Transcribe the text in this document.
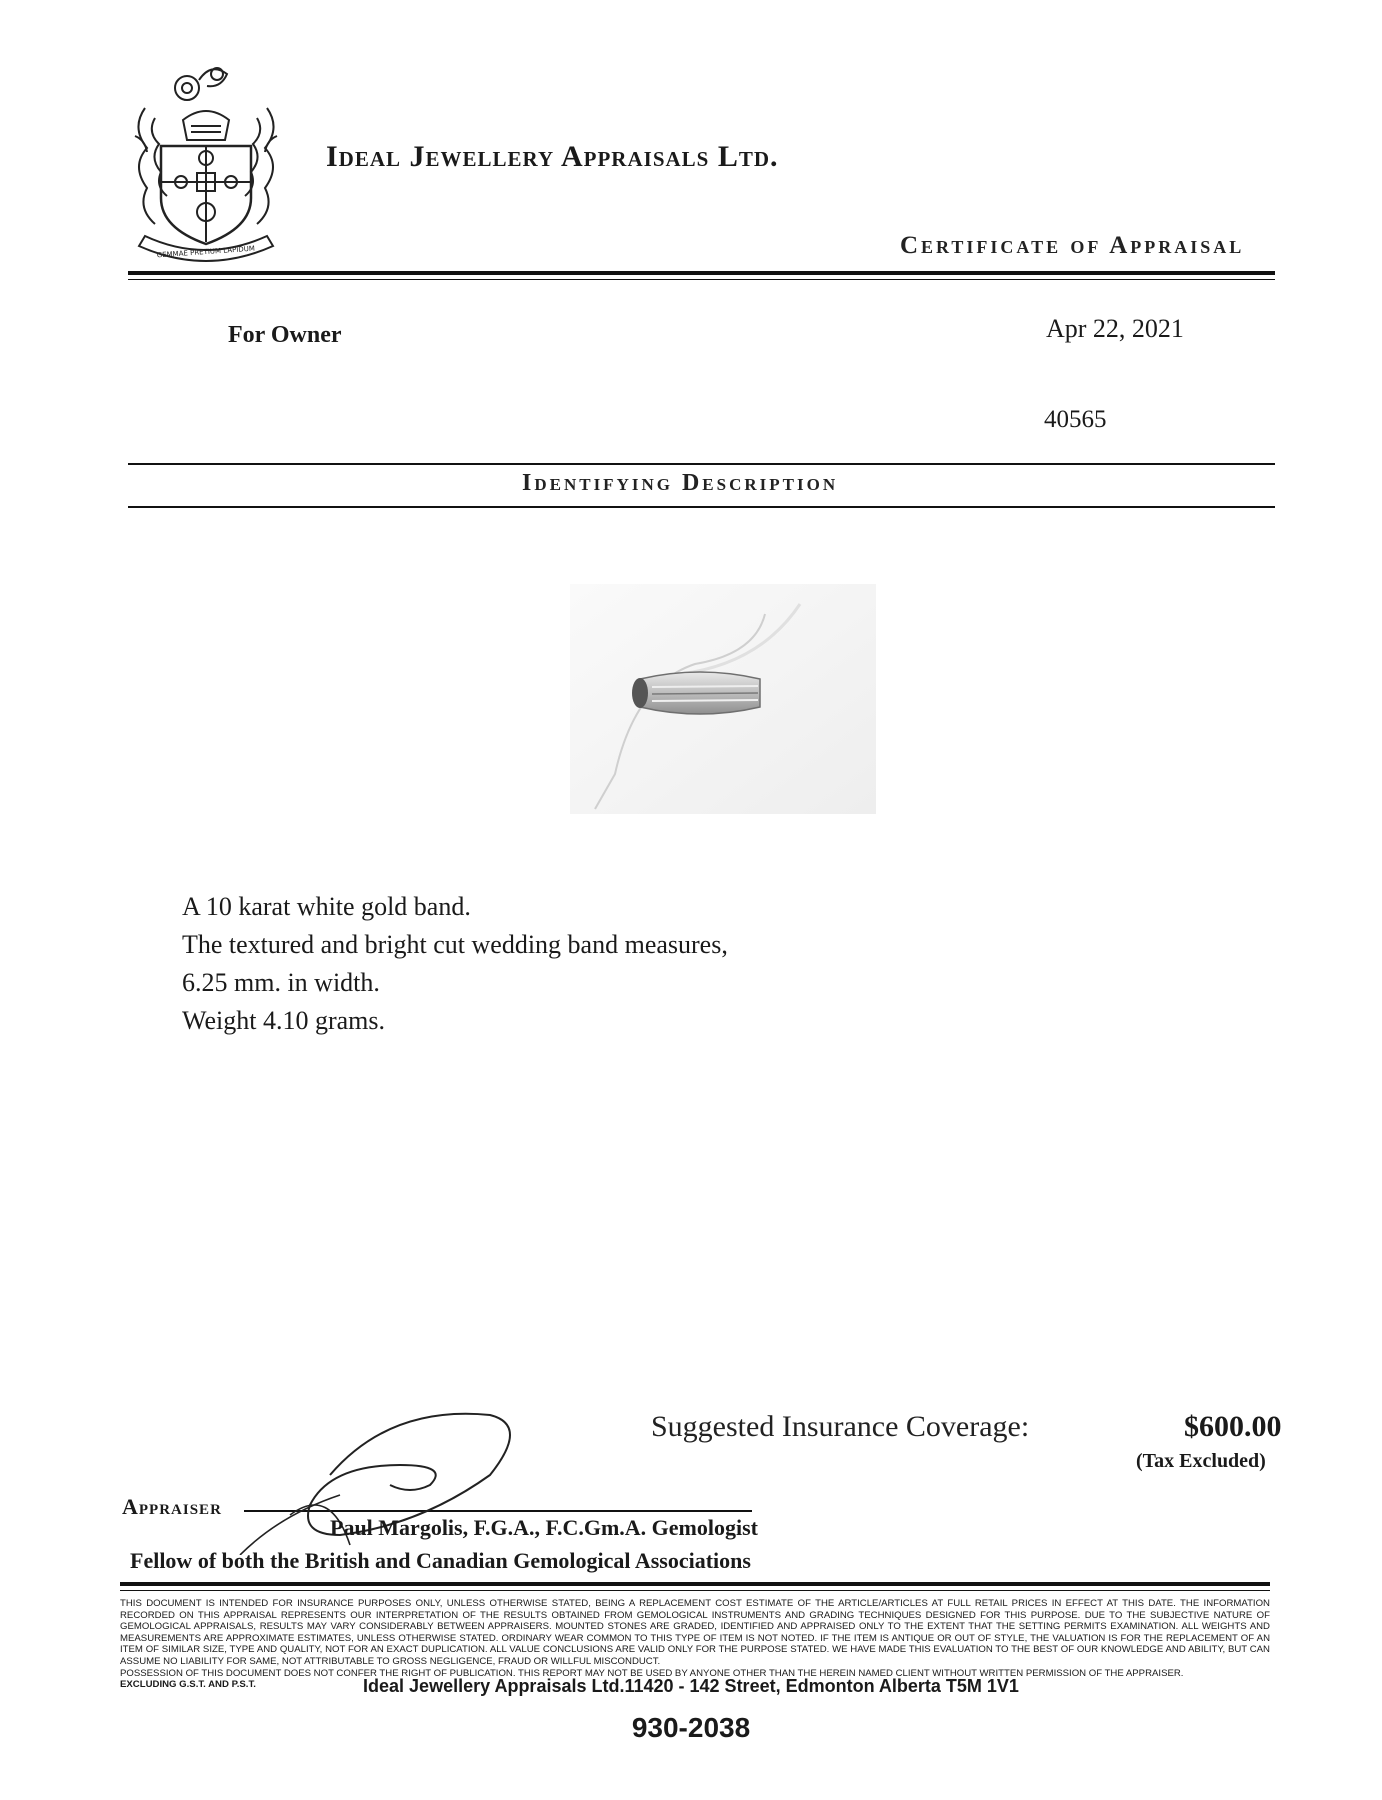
GEMMAE PRETIUM LAPIDUM
Ideal Jewellery Appraisals Ltd.
Certificate of Appraisal
For Owner	Apr 22, 2021
40565
Identifying Description
A 10 karat white gold band.
The textured and bright cut wedding band measures,
6.25 mm. in width.
Weight 4.10 grams.
Suggested Insurance Coverage:	$600.00
(Tax Excluded)
Appraiser
Paul Margolis, F.G.A., F.C.Gm.A. Gemologist
Fellow of both the British and Canadian Gemological Associations

THIS DOCUMENT IS INTENDED FOR INSURANCE PURPOSES ONLY, UNLESS OTHERWISE STATED, BEING A REPLACEMENT COST ESTIMATE OF THE ARTICLE/ARTICLES AT FULL RETAIL PRICES IN EFFECT AT THIS DATE. THE INFORMATION RECORDED ON THIS APPRAISAL REPRESENTS OUR INTERPRETATION OF THE RESULTS OBTAINED FROM GEMOLOGICAL INSTRUMENTS AND GRADING TECHNIQUES DESIGNED FOR THIS PURPOSE. DUE TO THE SUBJECTIVE NATURE OF GEMOLOGICAL APPRAISALS, RESULTS MAY VARY CONSIDERABLY BETWEEN APPRAISERS. MOUNTED STONES ARE GRADED, IDENTIFIED AND APPRAISED ONLY TO THE EXTENT THAT THE SETTING PERMITS EXAMINATION. ALL WEIGHTS AND MEASUREMENTS ARE APPROXIMATE ESTIMATES, UNLESS OTHERWISE STATED. ORDINARY WEAR COMMON TO THIS TYPE OF ITEM IS NOT NOTED. IF THE ITEM IS ANTIQUE OR OUT OF STYLE, THE VALUATION IS FOR THE REPLACEMENT OF AN ITEM OF SIMILAR SIZE, TYPE AND QUALITY, NOT FOR AN EXACT DUPLICATION. ALL VALUE CONCLUSIONS ARE VALID ONLY FOR THE PURPOSE STATED. WE HAVE MADE THIS EVALUATION TO THE BEST OF OUR KNOWLEDGE AND ABILITY, BUT CAN ASSUME NO LIABILITY FOR SAME, NOT ATTRIBUTABLE TO GROSS NEGLIGENCE, FRAUD OR WILLFUL MISCONDUCT.

POSSESSION OF THIS DOCUMENT DOES NOT CONFER THE RIGHT OF PUBLICATION. THIS REPORT MAY NOT BE USED BY ANYONE OTHER THAN THE HEREIN NAMED CLIENT WITHOUT WRITTEN PERMISSION OF THE APPRAISER.

EXCLUDING G.S.T. AND P.S.T.	Ideal Jewellery Appraisals Ltd.11420 - 142 Street, Edmonton Alberta T5M 1V1
930-2038
